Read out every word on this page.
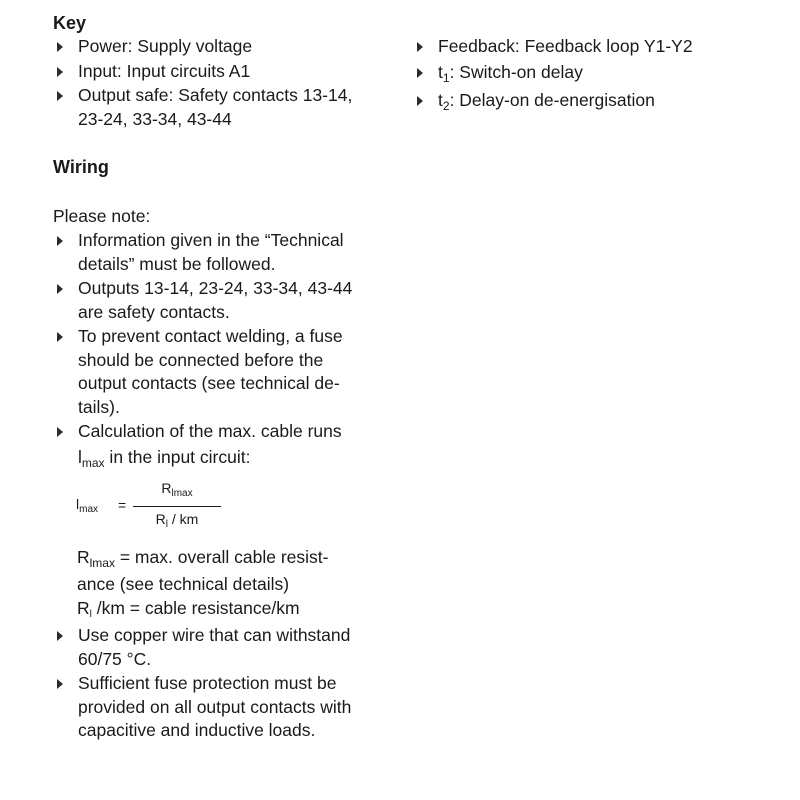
Key
Power: Supply voltage
Input: Input circuits A1
Output safe: Safety contacts 13-14,
23-24, 33-34, 43-44
Feedback: Feedback loop Y1-Y2
$t_1$: Switch-on delay
$t_2$: Delay-on de-energisation
Wiring
Please note:
Information given in the “Technical
details” must be followed.
Outputs 13-14, 23-24, 33-34, 43-44
are safety contacts.
To prevent contact welding, a fuse
should be connected before the
output contacts (see technical de-
tails).
Calculation of the max. cable runs
$l_{max}$ in the input circuit:
$l_{max}$ =
$R_{lmax}$
$R_l$ / km
$R_{lmax} = \max$. overall cable resist-
ance (see technical details)
Rl /km = cable resistance/km
Use copper wire that can withstand
60/75 °C.
Sufficient fuse protection must be
provided on all output contacts with
capacitive and inductive loads.
